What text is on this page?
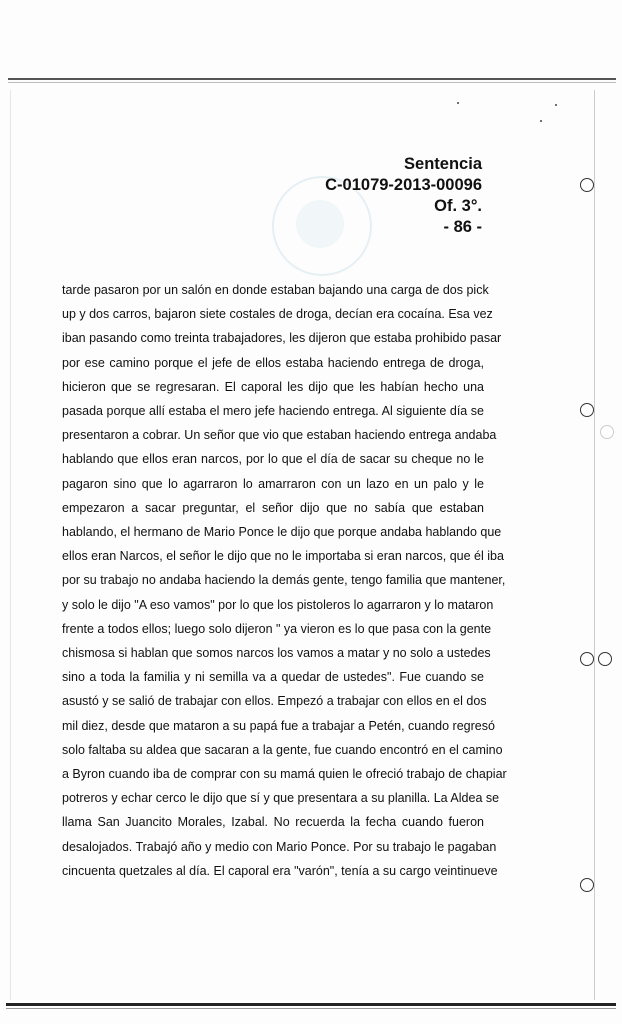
Sentencia
C-01079-2013-00096
Of. 3°.
- 86 -
tarde pasaron por un salón en donde estaban bajando una carga de dos pick
up y dos carros, bajaron siete costales de droga, decían era cocaína. Esa vez
iban pasando como treinta trabajadores, les dijeron que estaba prohibido pasar
por ese camino porque el jefe de ellos estaba haciendo entrega de droga,
hicieron que se regresaran. El caporal les dijo que les habían hecho una
pasada porque allí estaba el mero jefe haciendo entrega. Al siguiente día se
presentaron a cobrar. Un señor que vio que estaban haciendo entrega andaba
hablando que ellos eran narcos, por lo que el día de sacar su cheque no le
pagaron sino que lo agarraron lo amarraron con un lazo en un palo y le
empezaron a sacar preguntar, el señor dijo que no sabía que estaban
hablando, el hermano de Mario Ponce le dijo que porque andaba hablando que
ellos eran Narcos, el señor le dijo que no le importaba si eran narcos, que él iba
por su trabajo no andaba haciendo la demás gente, tengo familia que mantener,
y solo le dijo "A eso vamos" por lo que los pistoleros lo agarraron y lo mataron
frente a todos ellos; luego solo dijeron " ya vieron es lo que pasa con la gente
chismosa si hablan que somos narcos los vamos a matar y no solo a ustedes
sino a toda la familia y ni semilla va a quedar de ustedes". Fue cuando se
asustó y se salió de trabajar con ellos. Empezó a trabajar con ellos en el dos
mil diez, desde que mataron a su papá fue a trabajar a Petén, cuando regresó
solo faltaba su aldea que sacaran a la gente, fue cuando encontró en el camino
a Byron cuando iba de comprar con su mamá quien le ofreció trabajo de chapiar
potreros y echar cerco le dijo que sí y que presentara a su planilla. La Aldea se
llama San Juancito Morales, Izabal. No recuerda la fecha cuando fueron
desalojados. Trabajó año y medio con Mario Ponce. Por su trabajo le pagaban
cincuenta quetzales al día. El caporal era "varón", tenía a su cargo veintinueve
